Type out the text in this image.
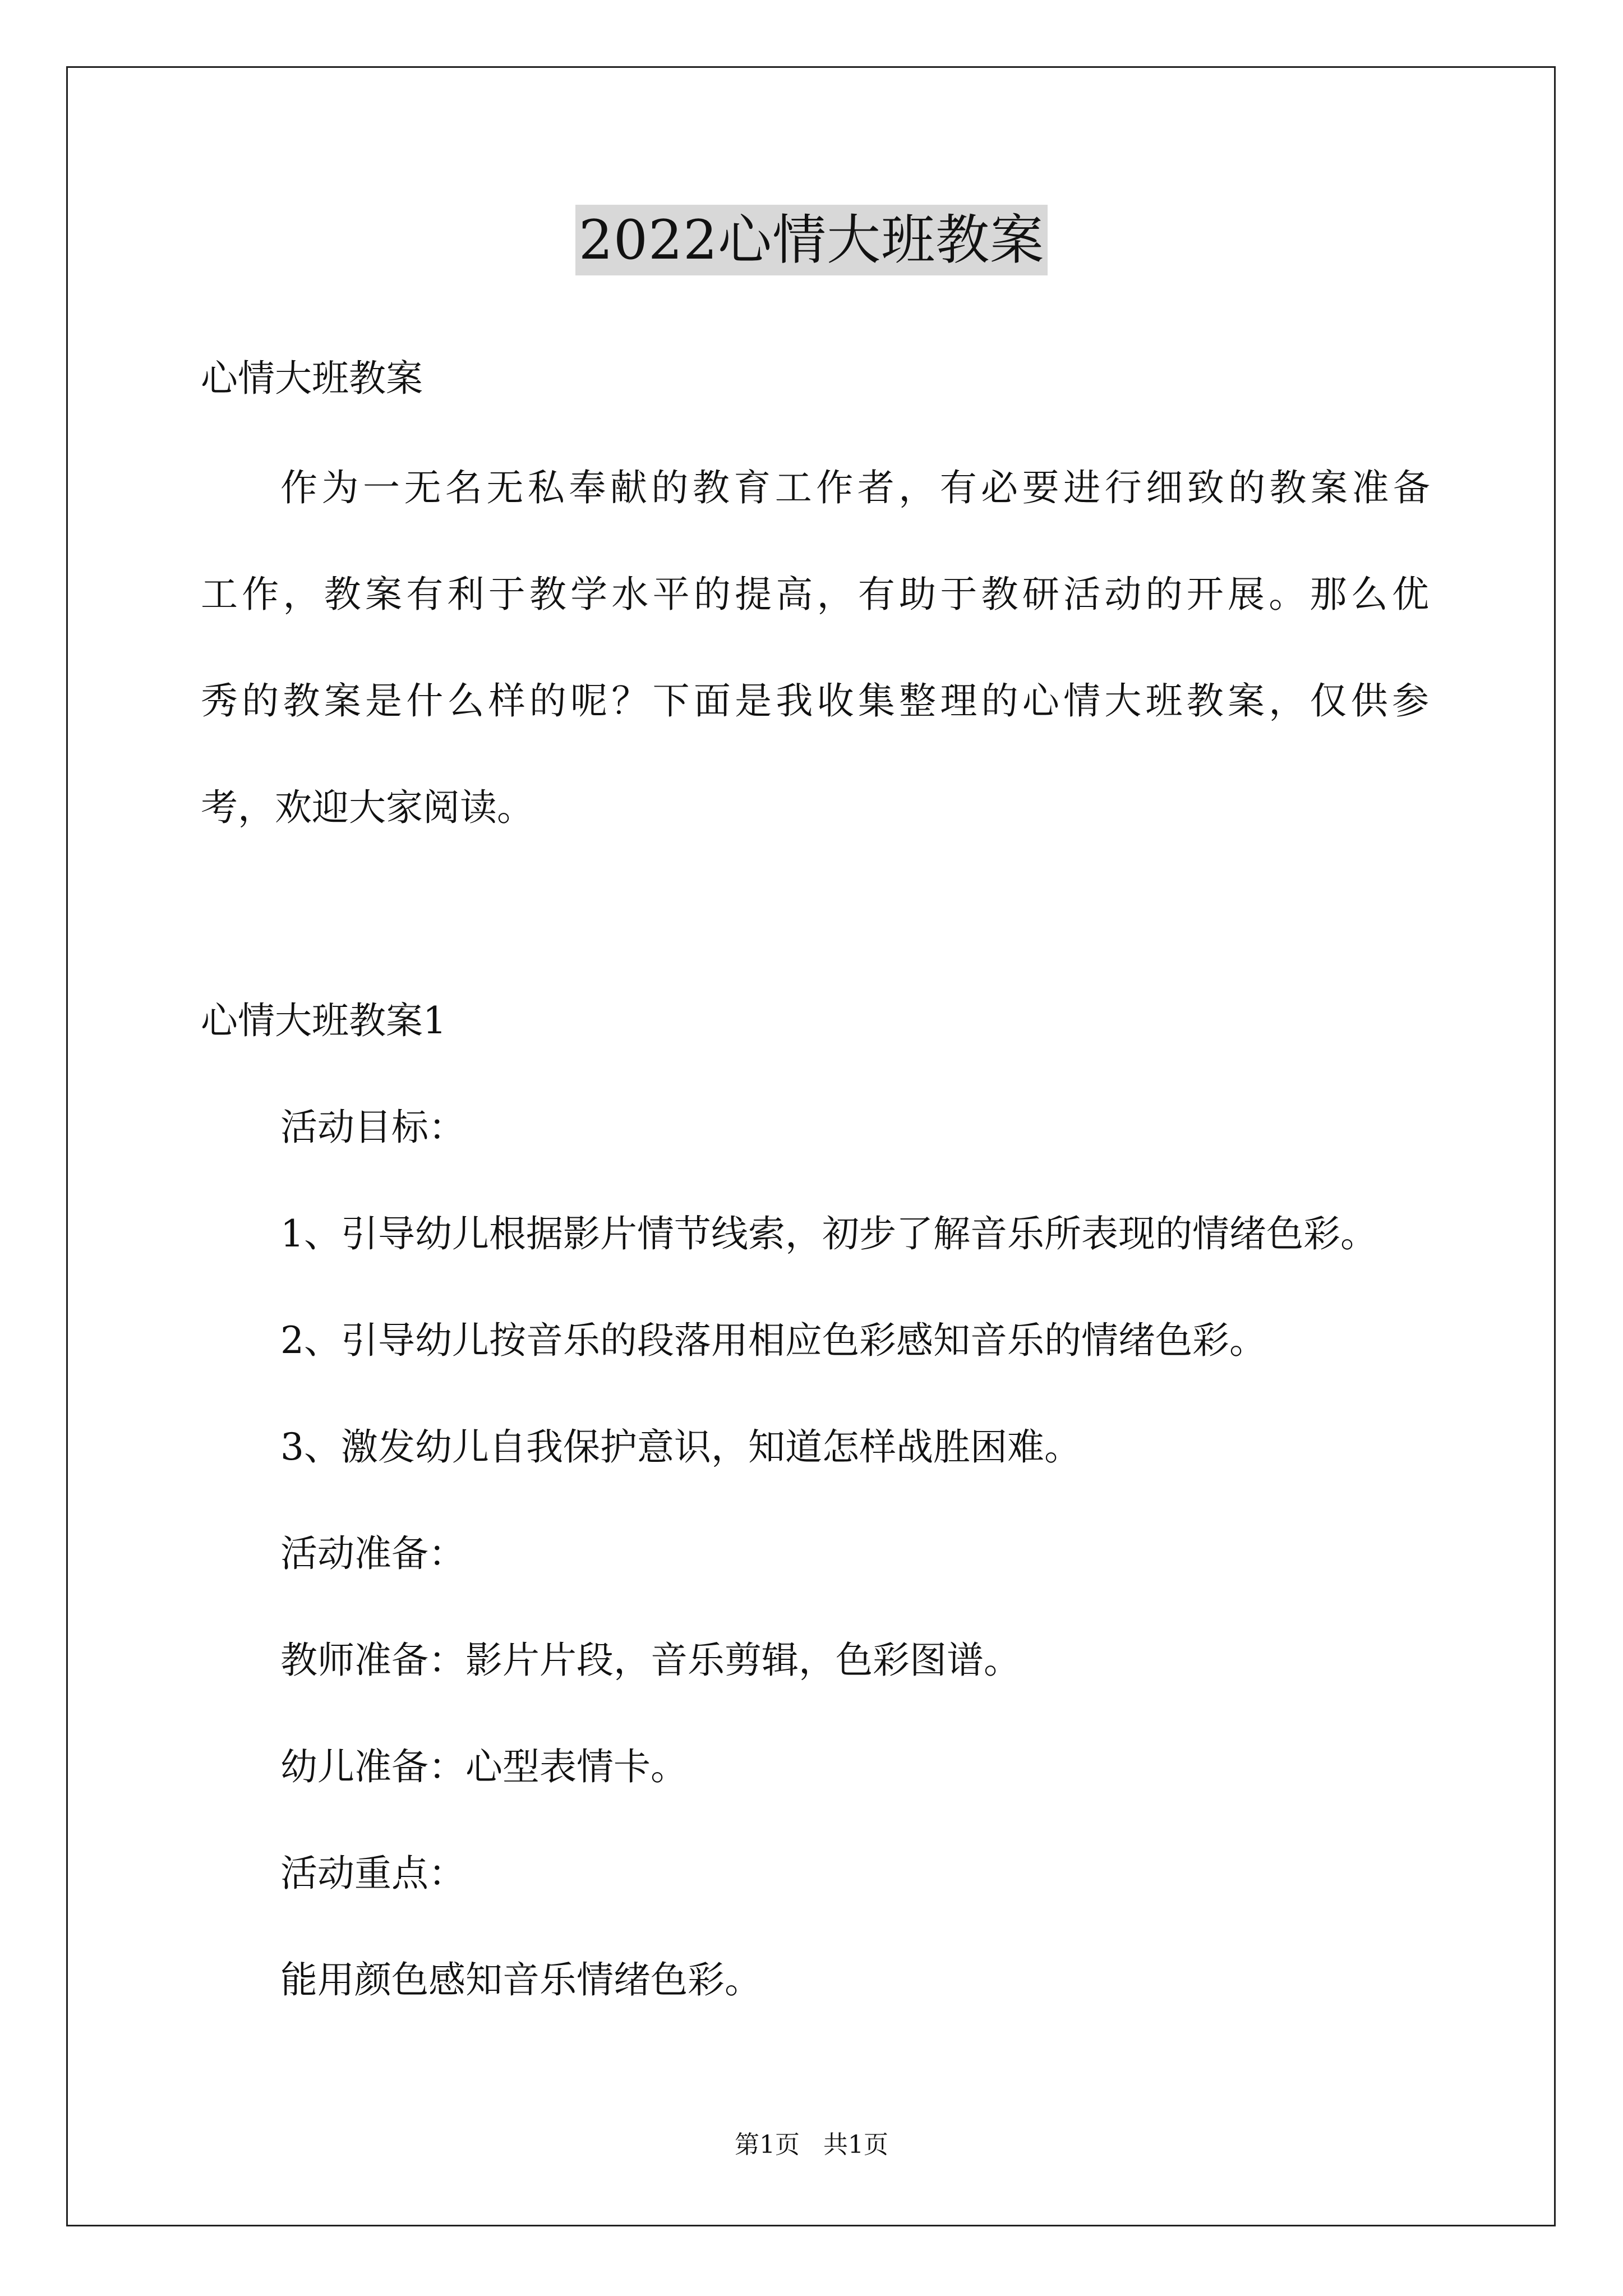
2022心情大班教案

心情大班教案

作为一无名无私奉献的教育工作者，有必要进行细致的教案准备

工作，教案有利于教学水平的提高，有助于教研活动的开展。那么优

秀的教案是什么样的呢？下面是我收集整理的心情大班教案，仅供参

考，欢迎大家阅读。

心情大班教案1

活动目标：

1、引导幼儿根据影片情节线索，初步了解音乐所表现的情绪色彩。

2、引导幼儿按音乐的段落用相应色彩感知音乐的情绪色彩。

3、激发幼儿自我保护意识，知道怎样战胜困难。

活动准备：

教师准备：影片片段，音乐剪辑，色彩图谱。

幼儿准备：心型表情卡。

活动重点：

能用颜色感知音乐情绪色彩。

第1页   共1页
